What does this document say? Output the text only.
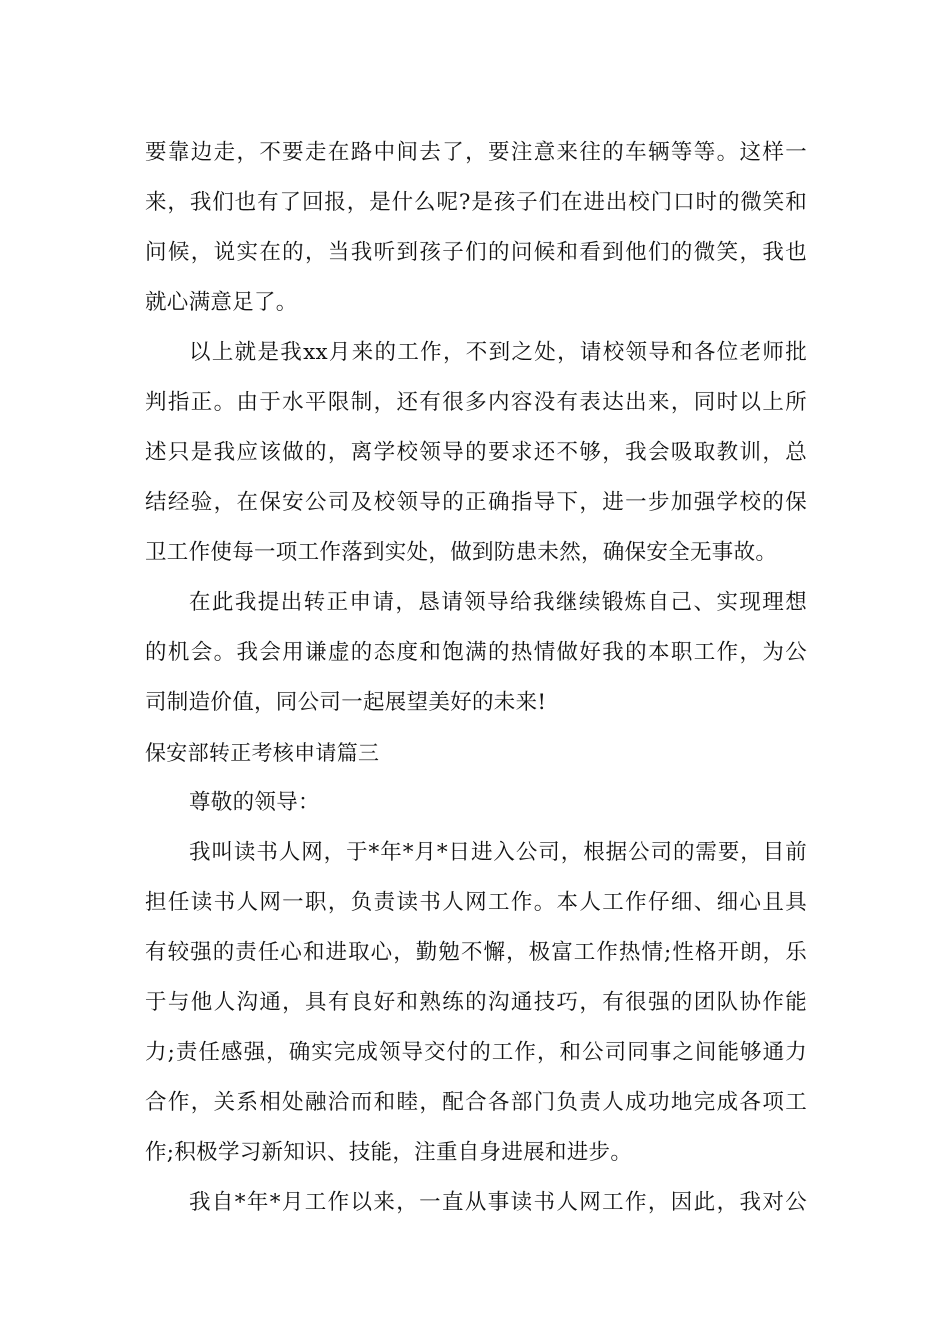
要靠边走，不要走在路中间去了，要注意来往的车辆等等。这样一
来，我们也有了回报，是什么呢?是孩子们在进出校门口时的微笑和
问候，说实在的，当我听到孩子们的问候和看到他们的微笑，我也
就心满意足了。
以上就是我xx月来的工作，不到之处，请校领导和各位老师批
判指正。由于水平限制，还有很多内容没有表达出来，同时以上所
述只是我应该做的，离学校领导的要求还不够，我会吸取教训，总
结经验，在保安公司及校领导的正确指导下，进一步加强学校的保
卫工作使每一项工作落到实处，做到防患未然，确保安全无事故。
在此我提出转正申请，恳请领导给我继续锻炼自己、实现理想
的机会。我会用谦虚的态度和饱满的热情做好我的本职工作，为公
司制造价值，同公司一起展望美好的未来!
保安部转正考核申请篇三
尊敬的领导：
我叫读书人网，于*年*月*日进入公司，根据公司的需要，目前
担任读书人网一职，负责读书人网工作。本人工作仔细、细心且具
有较强的责任心和进取心，勤勉不懈，极富工作热情;性格开朗，乐
于与他人沟通，具有良好和熟练的沟通技巧，有很强的团队协作能
力;责任感强，确实完成领导交付的工作，和公司同事之间能够通力
合作，关系相处融洽而和睦，配合各部门负责人成功地完成各项工
作;积极学习新知识、技能，注重自身进展和进步。
我自*年*月工作以来，一直从事读书人网工作，因此，我对公
